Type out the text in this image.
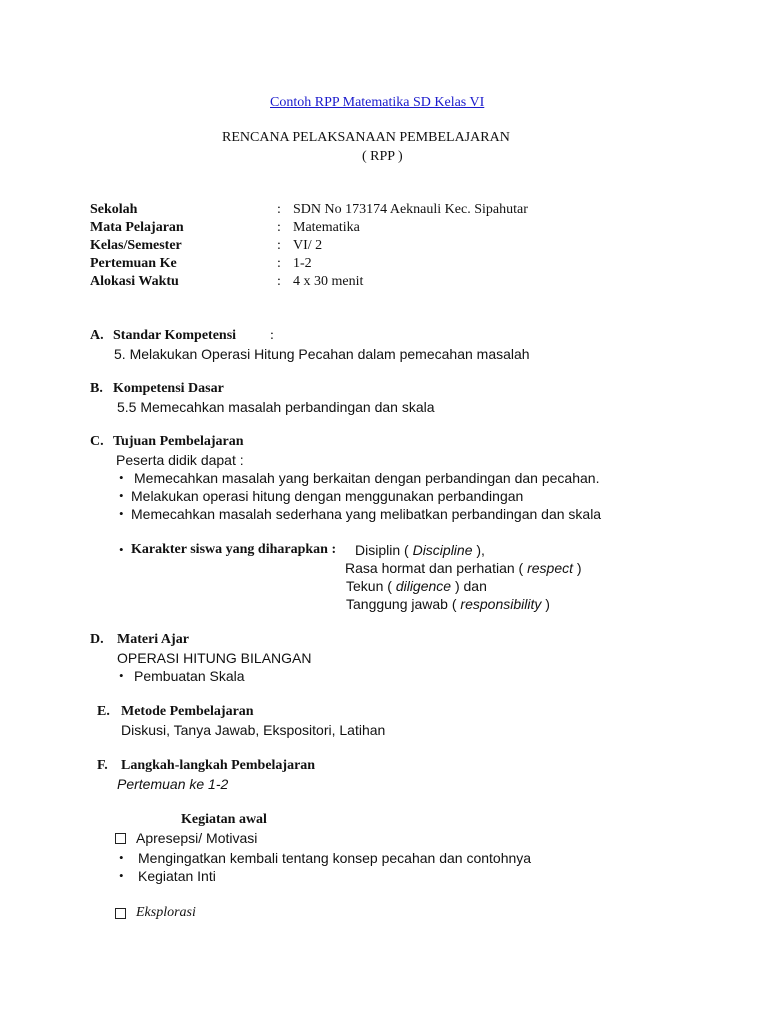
Contoh RPP Matematika SD Kelas VI
RENCANA PELAKSANAAN PEMBELAJARAN
( RPP )
Sekolah	: SDN No 173174 Aeknauli Kec. Sipahutar
Mata Pelajaran	: Matematika
Kelas/Semester	: VI/ 2
Pertemuan Ke	: 1-2
Alokasi Waktu	: 4 x 30 menit
A. Standar Kompetensi :
5. Melakukan Operasi Hitung Pecahan dalam pemecahan masalah
B. Kompetensi Dasar
5.5 Memecahkan masalah perbandingan dan skala
C. Tujuan Pembelajaran
Peserta didik dapat :
• Memecahkan masalah yang berkaitan dengan perbandingan dan pecahan.
• Melakukan operasi hitung dengan menggunakan perbandingan
• Memecahkan masalah sederhana yang melibatkan perbandingan dan skala
• Karakter siswa yang diharapkan : Disiplin ( Discipline ),
Rasa hormat dan perhatian ( respect )
Tekun ( diligence ) dan
Tanggung jawab ( responsibility )
D. Materi Ajar
OPERASI HITUNG BILANGAN
• Pembuatan Skala
E. Metode Pembelajaran
Diskusi, Tanya Jawab, Ekspositori, Latihan
F. Langkah-langkah Pembelajaran
Pertemuan ke 1-2
Kegiatan awal
Apresepsi/ Motivasi
• Mengingatkan kembali tentang konsep pecahan dan contohnya
• Kegiatan Inti
Eksplorasi
